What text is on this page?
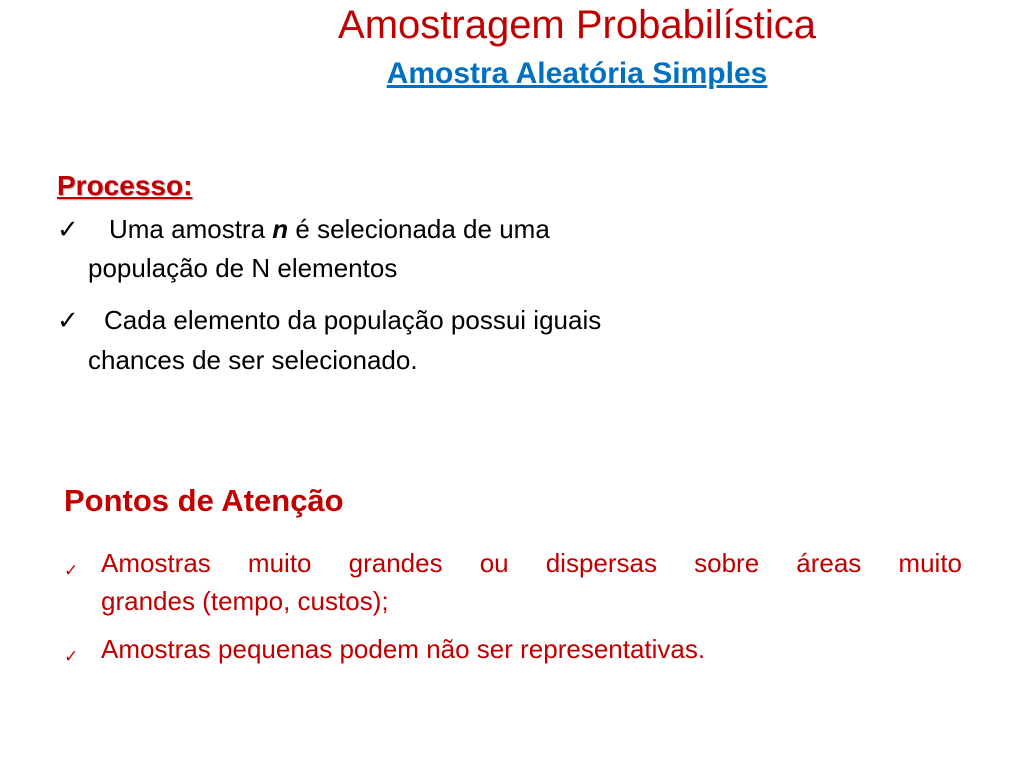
Amostragem Probabilística
Amostra Aleatória Simples
Processo:
✓	Uma amostra n é selecionada de uma
população de N elementos
✓ Cada elemento da população possui iguais
chances de ser selecionado.
Pontos de Atenção
✓ Amostras muito grandes ou dispersas sobre áreas muito
grandes (tempo, custos);
✓ Amostras pequenas podem não ser representativas.
